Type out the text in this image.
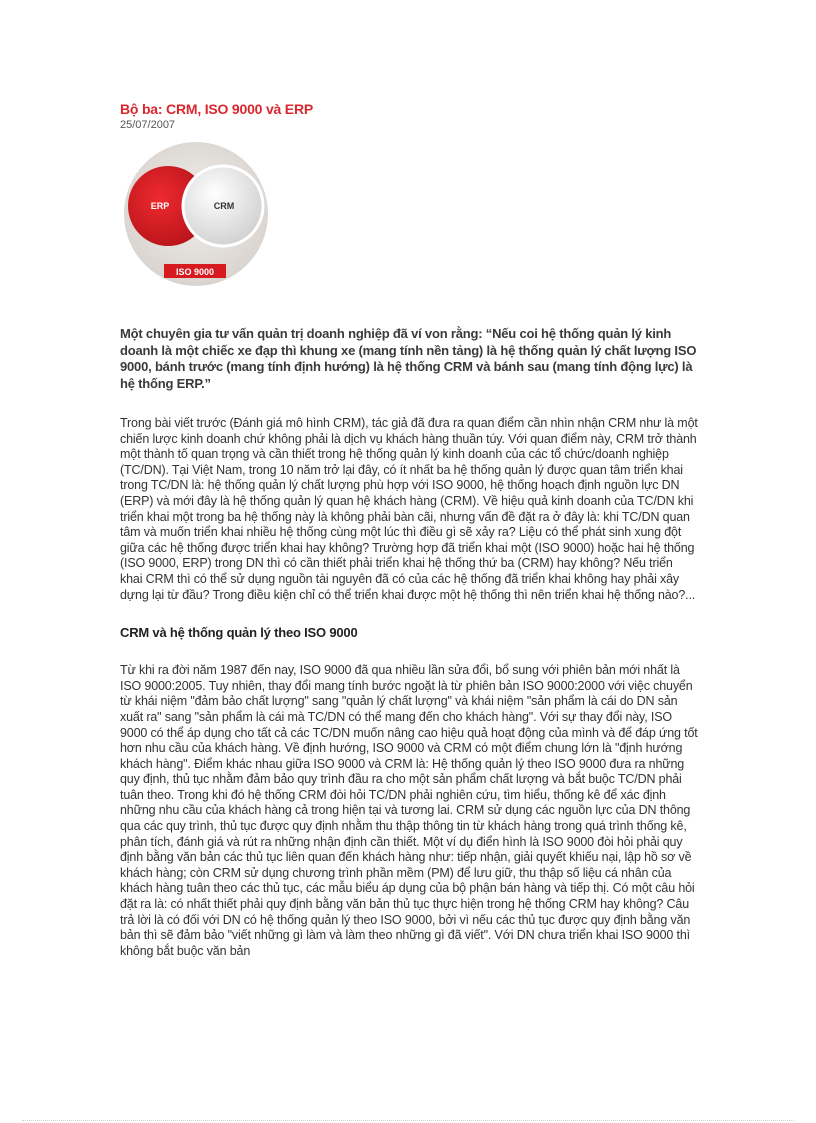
Bộ ba: CRM, ISO 9000 và ERP
25/07/2007
ERP	CRM
ISO 9000
Một chuyên gia tư vấn quản trị doanh nghiệp đã ví von rằng: “Nếu coi hệ thống quản lý kinh doanh là một chiếc xe đạp thì khung xe (mang tính nền tảng) là hệ thống quản lý chất lượng ISO 9000, bánh trước (mang tính định hướng) là hệ thống CRM và bánh sau (mang tính động lực) là hệ thống ERP.”
Trong bài viết trước (Đánh giá mô hình CRM), tác giả đã đưa ra quan điểm cần nhìn nhận CRM như là một chiến lược kinh doanh chứ không phải là dịch vụ khách hàng thuần túy. Với quan điểm này, CRM trở thành một thành tố quan trọng và cần thiết trong hệ thống quản lý kinh doanh của các tổ chức/doanh nghiệp (TC/DN). Tại Việt Nam, trong 10 năm trở lại đây, có ít nhất ba hệ thống quản lý được quan tâm triển khai trong TC/DN là: hệ thống quản lý chất lượng phù hợp với ISO 9000, hệ thống hoạch định nguồn lực DN (ERP) và mới đây là hệ thống quản lý quan hệ khách hàng (CRM). Về hiệu quả kinh doanh của TC/DN khi triển khai một trong ba hệ thống này là không phải bàn cãi, nhưng vấn đề đặt ra ở đây là: khi TC/DN quan tâm và muốn triển khai nhiều hệ thống cùng một lúc thì điều gì sẽ xảy ra? Liệu có thể phát sinh xung đột giữa các hệ thống được triển khai hay không? Trường hợp đã triển khai một (ISO 9000) hoặc hai hệ thống (ISO 9000, ERP) trong DN thì có cần thiết phải triển khai hệ thống thứ ba (CRM) hay không? Nếu triển khai CRM thì có thể sử dụng nguồn tài nguyên đã có của các hệ thống đã triển khai không hay phải xây dựng lại từ đầu? Trong điều kiện chỉ có thể triển khai được một hệ thống thì nên triển khai hệ thống nào?...
CRM và hệ thống quản lý theo ISO 9000
Từ khi ra đời năm 1987 đến nay, ISO 9000 đã qua nhiều lần sửa đổi, bổ sung với phiên bản mới nhất là ISO 9000:2005. Tuy nhiên, thay đổi mang tính bước ngoặt là từ phiên bản ISO 9000:2000 với việc chuyển từ khái niệm "đảm bảo chất lượng" sang "quản lý chất lượng" và khái niệm "sản phẩm là cái do DN sản xuất ra" sang "sản phẩm là cái mà TC/DN có thể mang đến cho khách hàng". Với sự thay đổi này, ISO 9000 có thể áp dụng cho tất cả các TC/DN muốn nâng cao hiệu quả hoạt động của mình và để đáp ứng tốt hơn nhu cầu của khách hàng. Về định hướng, ISO 9000 và CRM có một điểm chung lớn là "định hướng khách hàng". Điểm khác nhau giữa ISO 9000 và CRM là: Hệ thống quản lý theo ISO 9000 đưa ra những quy định, thủ tục nhằm đảm bảo quy trình đầu ra cho một sản phẩm chất lượng và bắt buộc TC/DN phải tuân theo. Trong khi đó hệ thống CRM đòi hỏi TC/DN phải nghiên cứu, tìm hiểu, thống kê để xác định những nhu cầu của khách hàng cả trong hiện tại và tương lai. CRM sử dụng các nguồn lực của DN thông qua các quy trình, thủ tục được quy định nhằm thu thập thông tin từ khách hàng trong quá trình thống kê, phân tích, đánh giá và rút ra những nhận định cần thiết. Một ví dụ điển hình là ISO 9000 đòi hỏi phải quy định bằng văn bản các thủ tục liên quan đến khách hàng như: tiếp nhận, giải quyết khiếu nại, lập hồ sơ về khách hàng; còn CRM sử dụng chương trình phần mềm (PM) để lưu giữ, thu thập số liệu cá nhân của khách hàng tuân theo các thủ tục, các mẫu biểu áp dụng của bộ phận bán hàng và tiếp thị. Có một câu hỏi đặt ra là: có nhất thiết phải quy định bằng văn bản thủ tục thực hiện trong hệ thống CRM hay không? Câu trả lời là có đối với DN có hệ thống quản lý theo ISO 9000, bởi vì nếu các thủ tục được quy định bằng văn bản thì sẽ đảm bảo "viết những gì làm và làm theo những gì đã viết". Với DN chưa triển khai ISO 9000 thì không bắt buộc văn bản
